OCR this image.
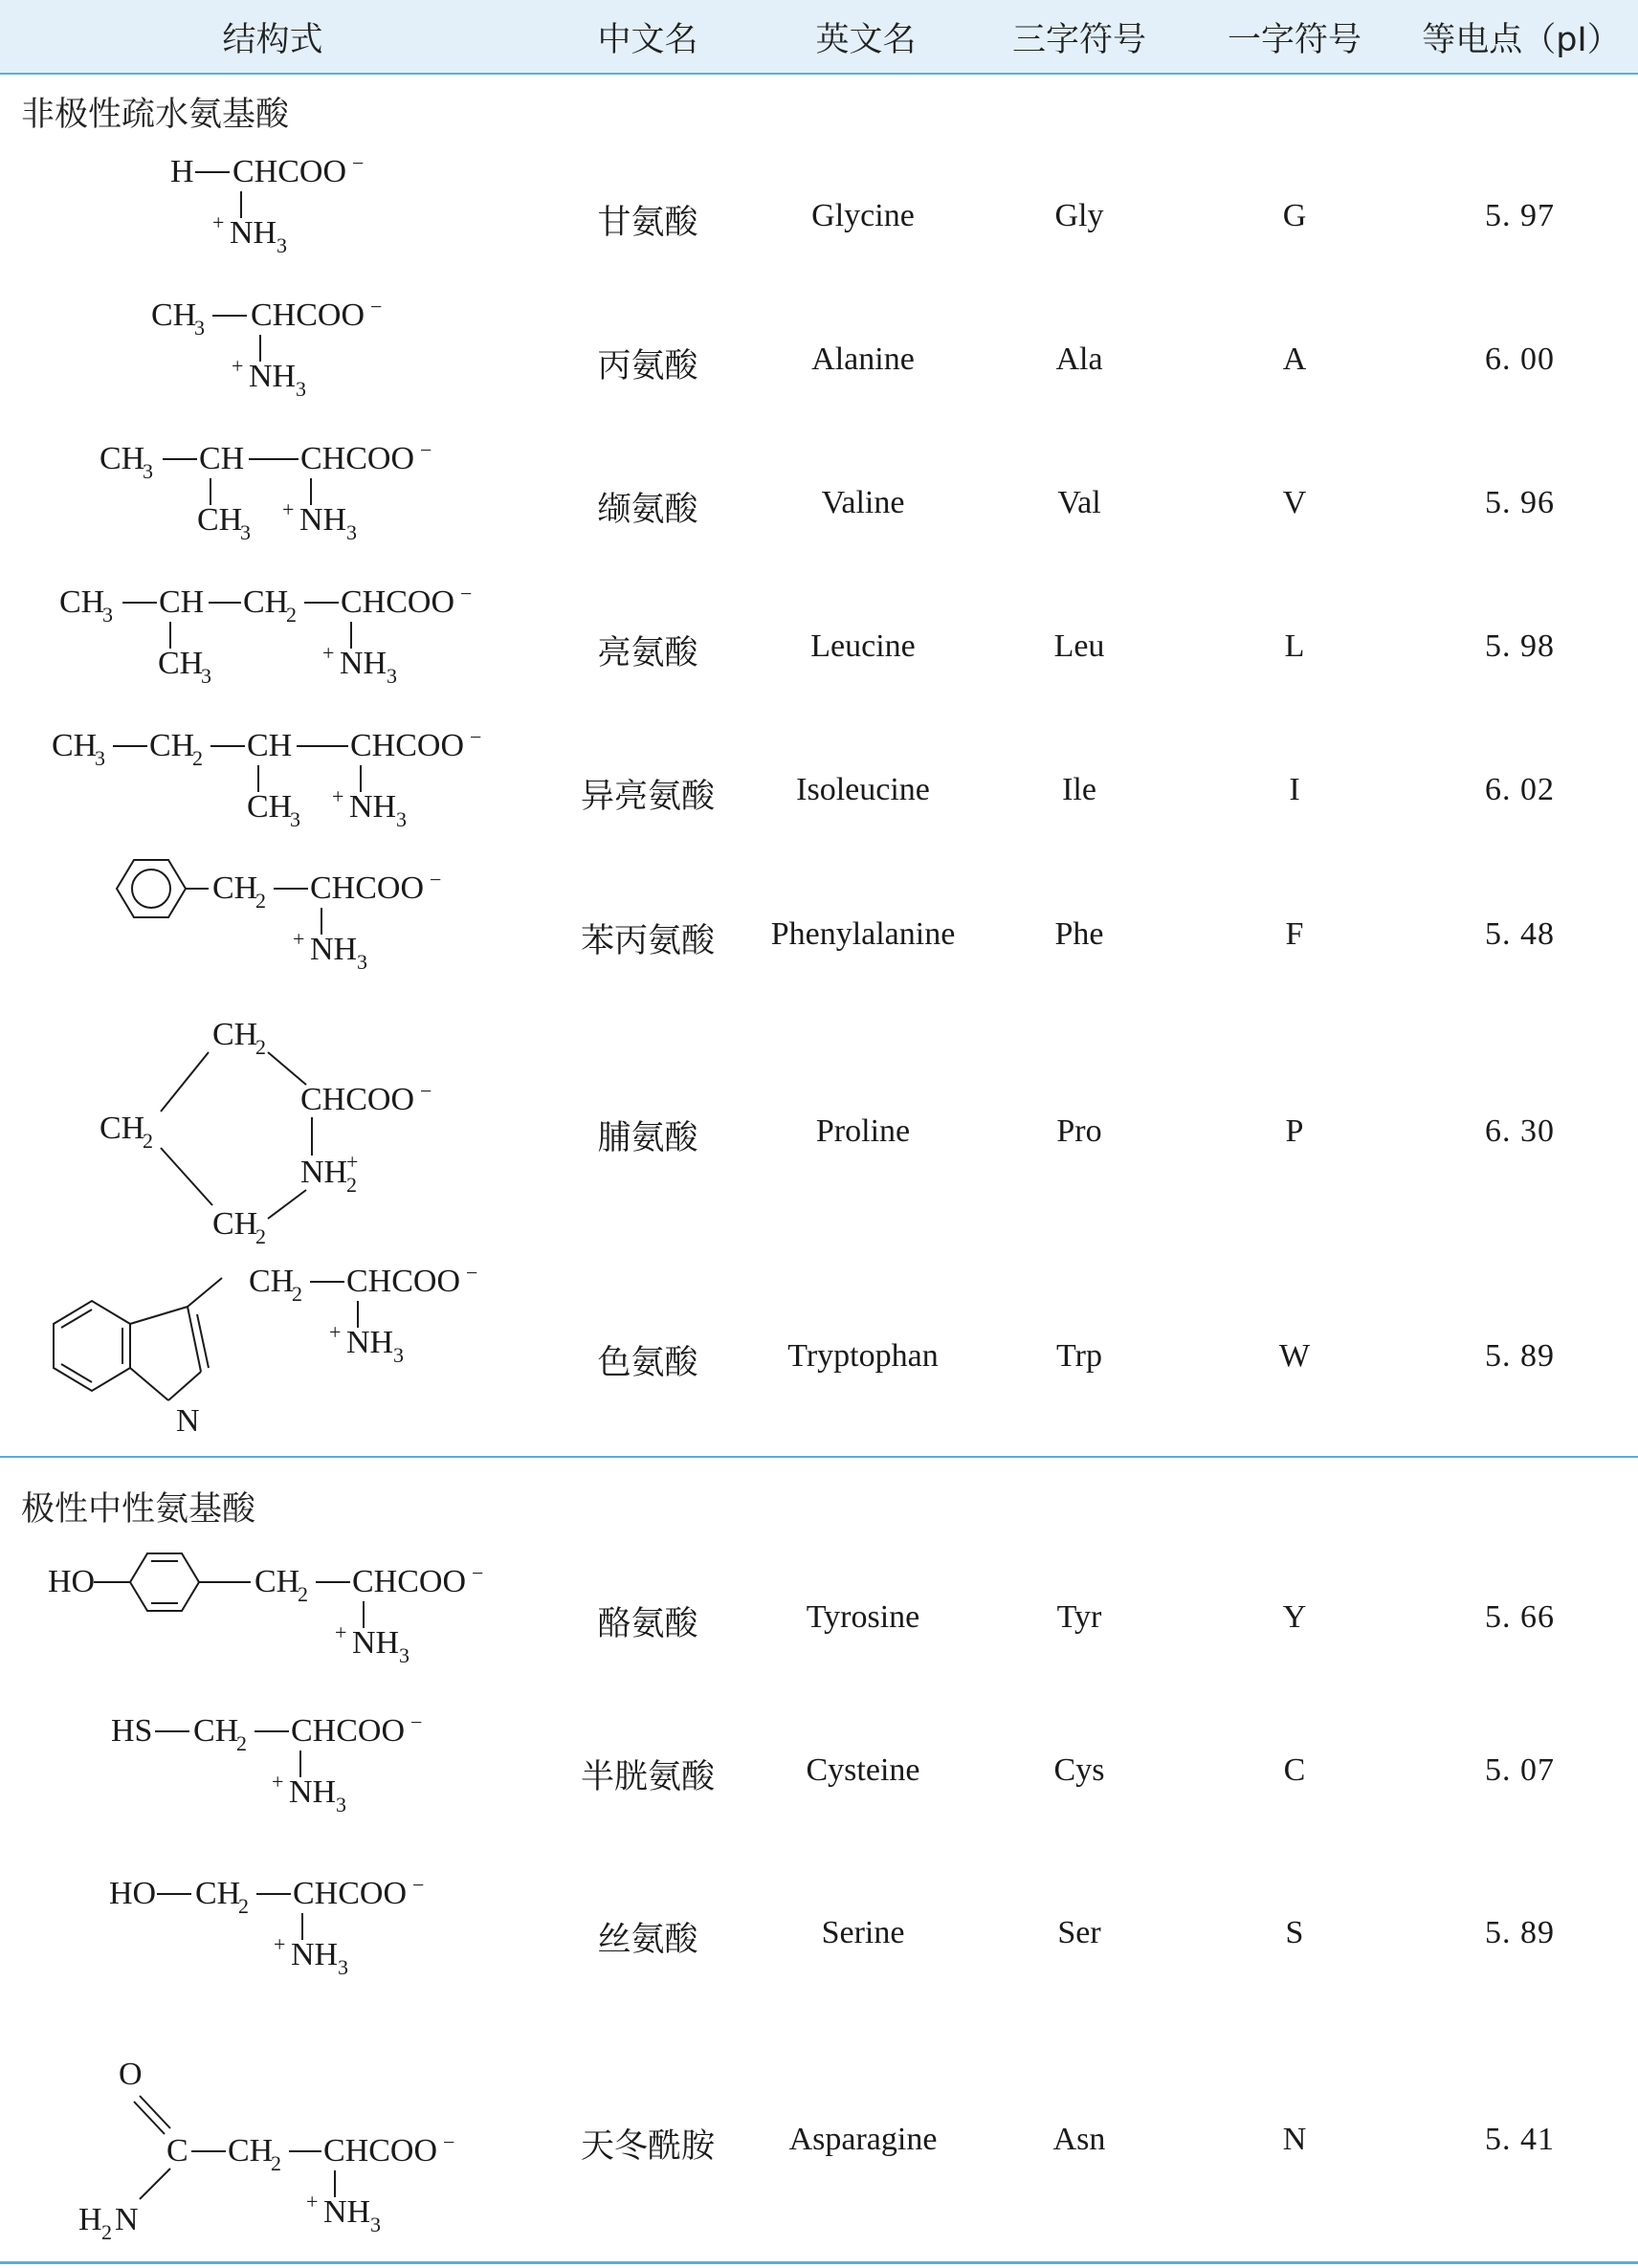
结构式	中文名	英文名	三字符号	一字符号	等电点（pI）
非极性疏水氨基酸
H CHCOO −
+ NH 3
甘氨酸	Glycine	Gly	G	5. 97
CH
3 CHCOO −
+ NH 3
丙氨酸	Alanine	Ala	A	6. 00
CH
3 CH CHCOO −
CH
3
+ NH 3
缬氨酸	Valine	Val	V	5. 96
CH
3 CH CH
2 CHCOO −
CH
3
+ NH 3
亮氨酸	Leucine	Leu	L	5. 98
CH
3 CH
2 CH CHCOO −
CH
3
+ NH 3
异亮氨酸	Isoleucine	Ile	I	6. 02
CH
2 CHCOO −
+ NH 3
苯丙氨酸	Phenylalanine	Phe	F	5. 48
CH
2
CH
2
CHCOO −
NH
2
+
CH
2
脯氨酸	Proline	Pro	P	6. 30
CH
2 CHCOO −
+ NH 3
N
色氨酸	Tryptophan	Trp	W	5. 89
极性中性氨基酸
HO	CH
2 CHCOO −
+ NH 3
酪氨酸	Tyrosine	Tyr	Y	5. 66
HS CH
2 CHCOO −
+ NH 3
半胱氨酸	Cysteine	Cys	C	5. 07
HO CH
2 CHCOO −
+ NH 3
丝氨酸	Serine	Ser	S	5. 89
O
C CH
2 CHCOO −
H 2 N
+ NH 3
天冬酰胺	Asparagine	Asn	N	5. 41
